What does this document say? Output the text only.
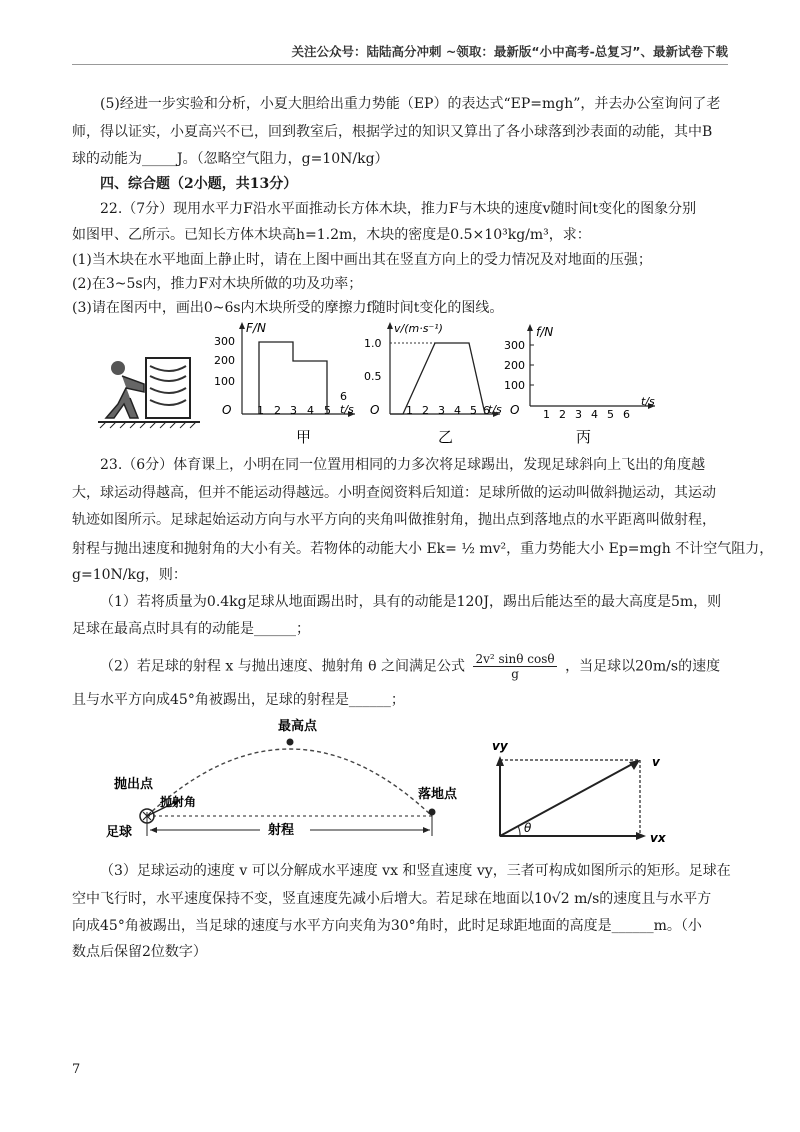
关注公众号：陆陆高分冲刺 ~领取：最新版“小中高考-总复习”、最新试卷下载
(5)经进一步实验和分析，小夏大胆给出重力势能（EP）的表达式“EP=mgh”，并去办公室询问了老
师，得以证实，小夏高兴不已，回到教室后，根据学过的知识又算出了各小球落到沙表面的动能，其中B
球的动能为_____J。（忽略空气阻力，g=10N/kg）
四、综合题（2小题，共13分）
22.（7分）现用水平力F沿水平面推动长方体木块，推力F与木块的速度v随时间t变化的图象分别
如图甲、乙所示。已知长方体木块高h=1.2m，木块的密度是0.5×10³kg/m³，求：
(1)当木块在水平地面上静止时，请在上图中画出其在竖直方向上的受力情况及对地面的压强；
(2)在3~5s内，推力F对木块所做的功及功率；
(3)请在图丙中，画出0~6s内木块所受的摩擦力f随时间t变化的图线。
F/N
t/s
O
100
200
300
1 2 3 4 5
6
甲
v/(m·s⁻¹)
t/s
O
0.5
1.0
1 2 3 4 5 6
乙
f/N
t/s
O
100
200
300
1 2 3 4 5 6
丙
23.（6分）体育课上，小明在同一位置用相同的力多次将足球踢出，发现足球斜向上飞出的角度越
大，球运动得越高，但并不能运动得越远。小明查阅资料后知道：足球所做的运动叫做斜抛运动，其运动
轨迹如图所示。足球起始运动方向与水平方向的夹角叫做推射角，抛出点到落地点的水平距离叫做射程，
射程与抛出速度和抛射角的大小有关。若物体的动能大小 Ek= ½ mv²，重力势能大小 Ep=mgh 不计空气阻力，
g=10N/kg，则：
（1）若将质量为0.4kg足球从地面踢出时，具有的动能是120J，踢出后能达至的最大高度是5m，则
足球在最高点时具有的动能是______；
（2）若足球的射程 x 与抛出速度、抛射角 θ 之间满足公式 $\frac{\text{2v² sinθ cosθ}}{g}$ ，当足球以20m/s的速度
且与水平方向成45°角被踢出，足球的射程是______；
最高点
落地点
抛出点
抛射角
足球	射程
vy
v
vx
θ
（3）足球运动的速度 v 可以分解成水平速度 vx 和竖直速度 vy，三者可构成如图所示的矩形。足球在
空中飞行时，水平速度保持不变，竖直速度先减小后增大。若足球在地面以10√2 m/s的速度且与水平方
向成45°角被踢出，当足球的速度与水平方向夹角为30°角时，此时足球距地面的高度是______m。（小
数点后保留2位数字）
7
